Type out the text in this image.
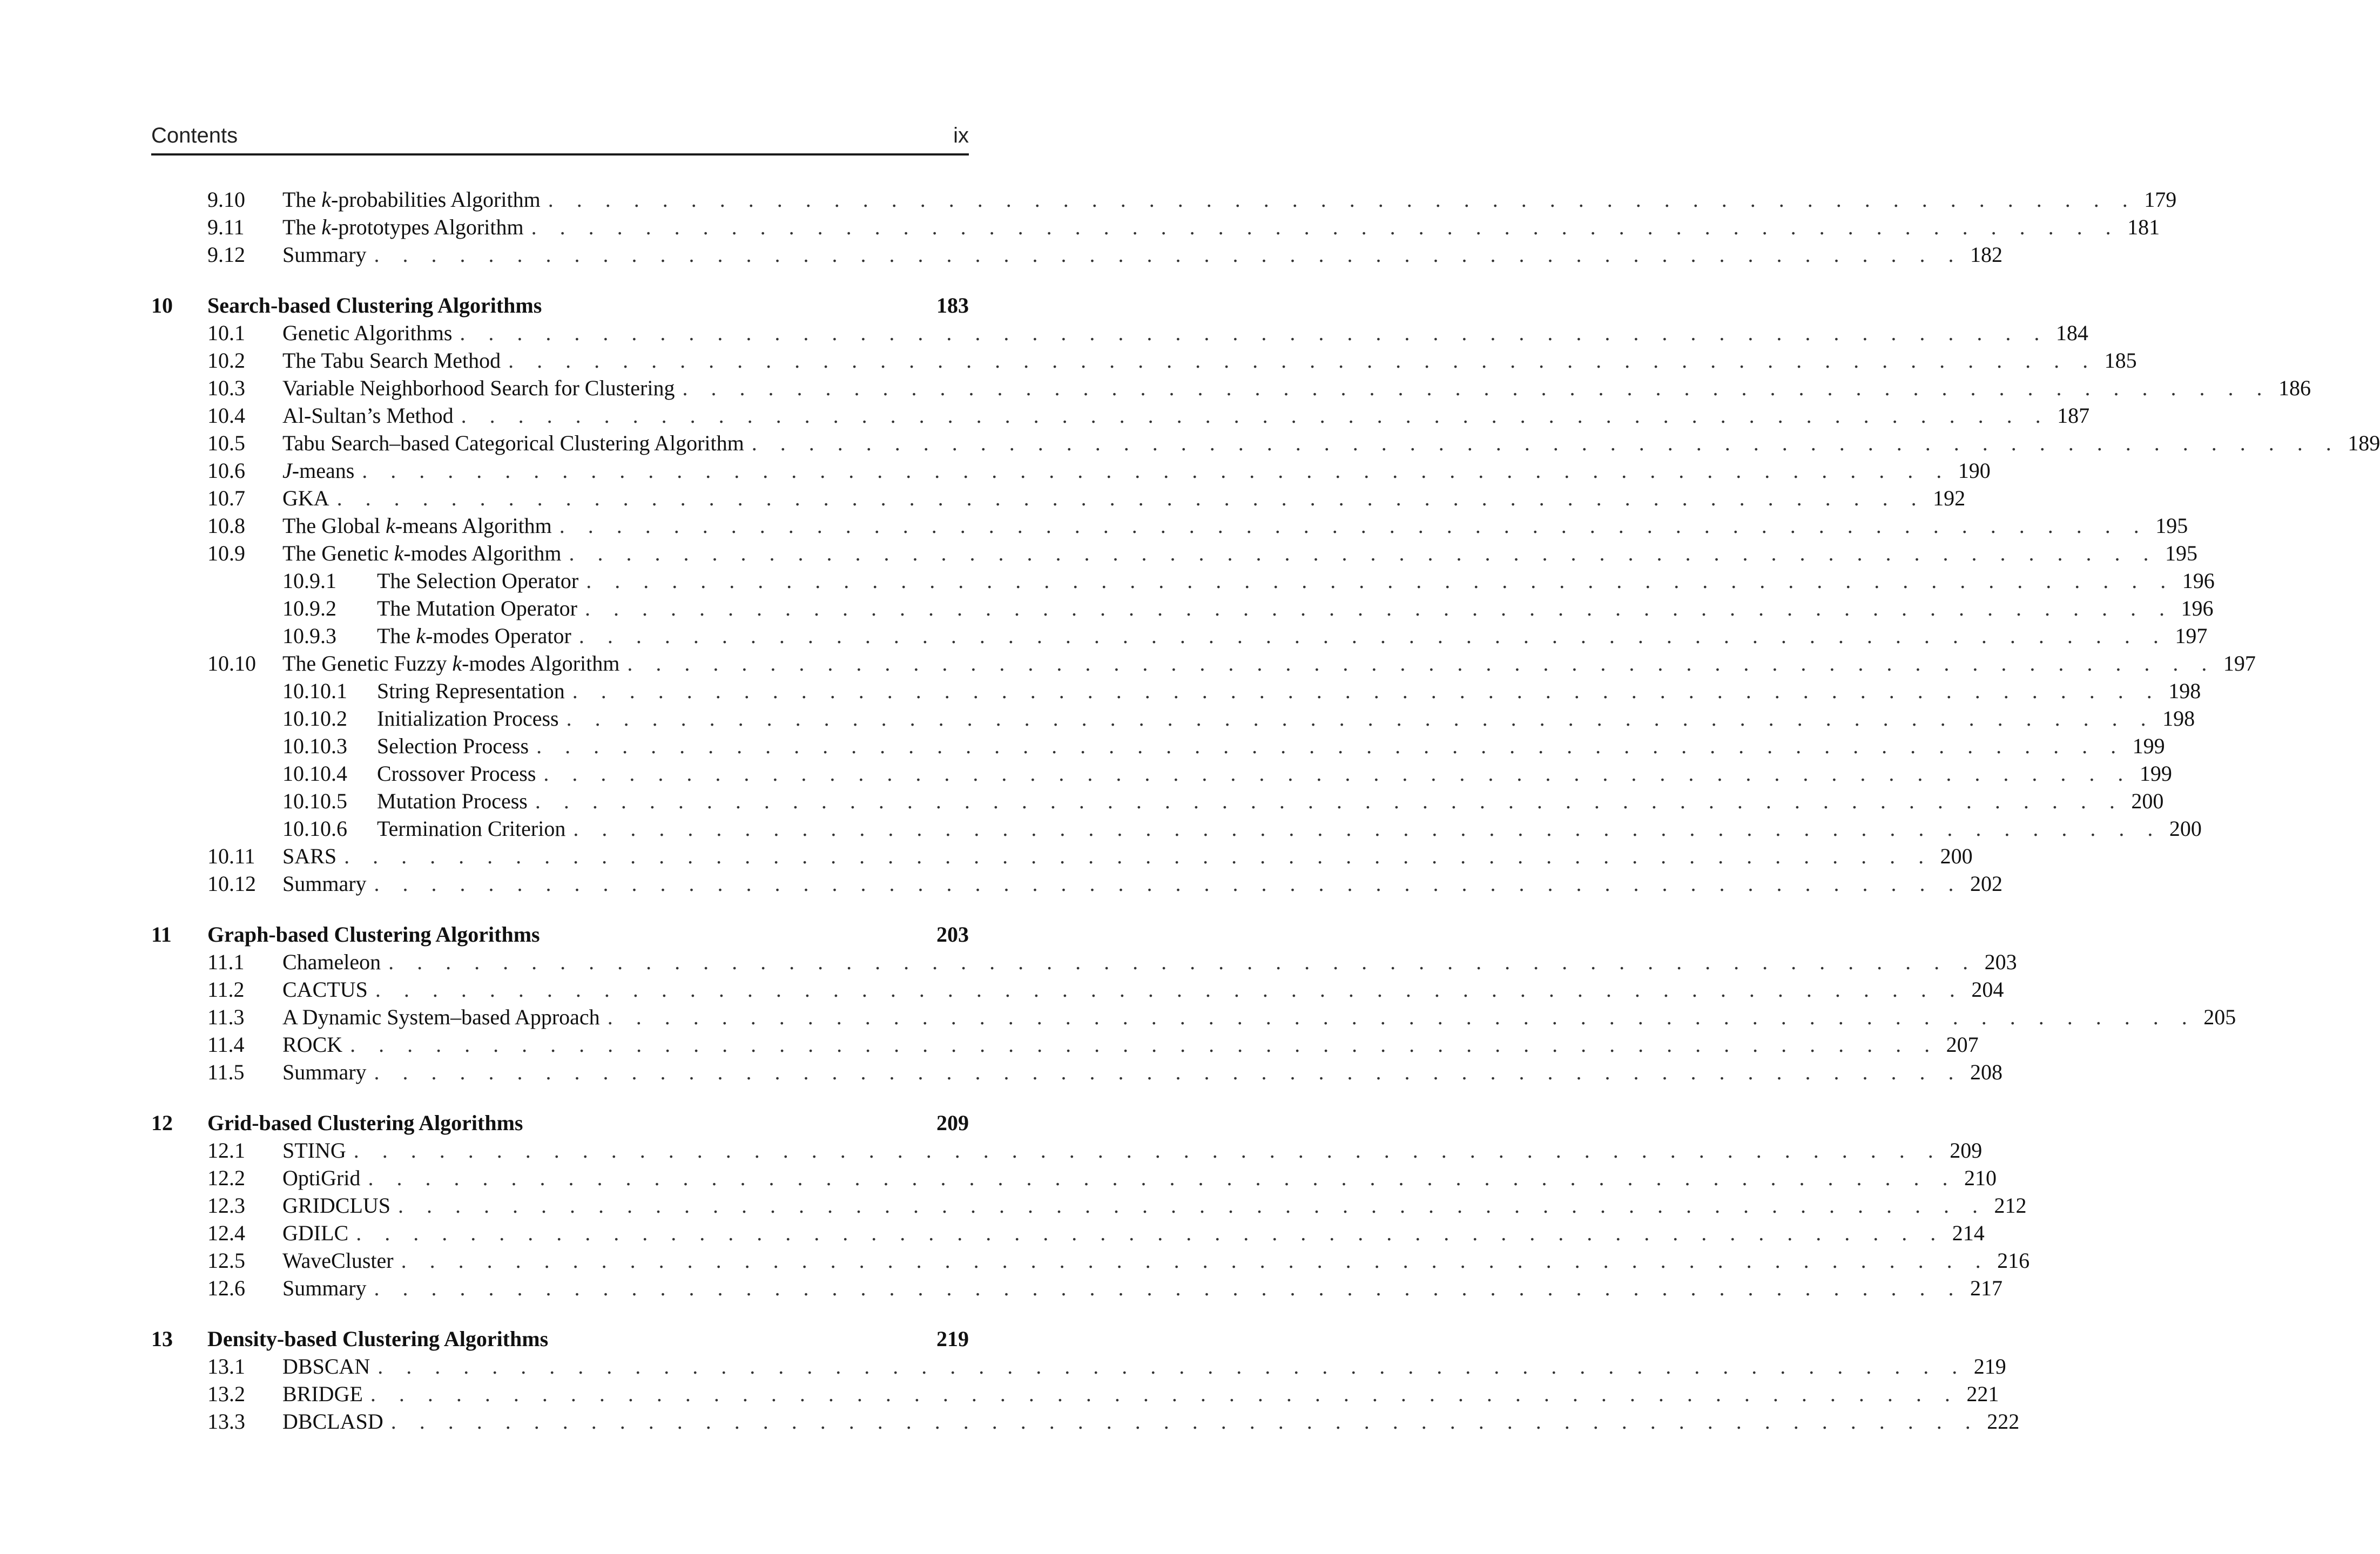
Contents	ix
9.10 The k-probabilities Algorithm . . . . . . . . . . . . . . . . . . . . . . . . . . . . . . . . . . . . . . . . . . . . . . . . . . . . . . . . 179
9.11 The k-prototypes Algorithm . . . . . . . . . . . . . . . . . . . . . . . . . . . . . . . . . . . . . . . . . . . . . . . . . . . . . . . . 181
9.12 Summary . . . . . . . . . . . . . . . . . . . . . . . . . . . . . . . . . . . . . . . . . . . . . . . . . . . . . . . . 182
10 Search-based Clustering Algorithms	183
10.1 Genetic Algorithms . . . . . . . . . . . . . . . . . . . . . . . . . . . . . . . . . . . . . . . . . . . . . . . . . . . . . . . . 184
10.2 The Tabu Search Method . . . . . . . . . . . . . . . . . . . . . . . . . . . . . . . . . . . . . . . . . . . . . . . . . . . . . . . . 185
10.3 Variable Neighborhood Search for Clustering . . . . . . . . . . . . . . . . . . . . . . . . . . . . . . . . . . . . . . . . . . . . . . . . . . . . . . . . 186
10.4 Al-Sultan’s Method . . . . . . . . . . . . . . . . . . . . . . . . . . . . . . . . . . . . . . . . . . . . . . . . . . . . . . . . 187
10.5 Tabu Search–based Categorical Clustering Algorithm . . . . . . . . . . . . . . . . . . . . . . . . . . . . . . . . . . . . . . . . . . . . . . . . . . . . . . . . 189
10.6 J-means . . . . . . . . . . . . . . . . . . . . . . . . . . . . . . . . . . . . . . . . . . . . . . . . . . . . . . . . 190
10.7 GKA . . . . . . . . . . . . . . . . . . . . . . . . . . . . . . . . . . . . . . . . . . . . . . . . . . . . . . . . 192
10.8 The Global k-means Algorithm . . . . . . . . . . . . . . . . . . . . . . . . . . . . . . . . . . . . . . . . . . . . . . . . . . . . . . . . 195
10.9 The Genetic k-modes Algorithm . . . . . . . . . . . . . . . . . . . . . . . . . . . . . . . . . . . . . . . . . . . . . . . . . . . . . . . . 195
10.9.1 The Selection Operator . . . . . . . . . . . . . . . . . . . . . . . . . . . . . . . . . . . . . . . . . . . . . . . . . . . . . . . . 196
10.9.2 The Mutation Operator . . . . . . . . . . . . . . . . . . . . . . . . . . . . . . . . . . . . . . . . . . . . . . . . . . . . . . . . 196
10.9.3 The k-modes Operator . . . . . . . . . . . . . . . . . . . . . . . . . . . . . . . . . . . . . . . . . . . . . . . . . . . . . . . . 197
10.10 The Genetic Fuzzy k-modes Algorithm . . . . . . . . . . . . . . . . . . . . . . . . . . . . . . . . . . . . . . . . . . . . . . . . . . . . . . . . 197
10.10.1 String Representation . . . . . . . . . . . . . . . . . . . . . . . . . . . . . . . . . . . . . . . . . . . . . . . . . . . . . . . . 198
10.10.2 Initialization Process . . . . . . . . . . . . . . . . . . . . . . . . . . . . . . . . . . . . . . . . . . . . . . . . . . . . . . . . 198
10.10.3 Selection Process . . . . . . . . . . . . . . . . . . . . . . . . . . . . . . . . . . . . . . . . . . . . . . . . . . . . . . . . 199
10.10.4 Crossover Process . . . . . . . . . . . . . . . . . . . . . . . . . . . . . . . . . . . . . . . . . . . . . . . . . . . . . . . . 199
10.10.5 Mutation Process . . . . . . . . . . . . . . . . . . . . . . . . . . . . . . . . . . . . . . . . . . . . . . . . . . . . . . . . 200
10.10.6 Termination Criterion . . . . . . . . . . . . . . . . . . . . . . . . . . . . . . . . . . . . . . . . . . . . . . . . . . . . . . . . 200
10.11 SARS . . . . . . . . . . . . . . . . . . . . . . . . . . . . . . . . . . . . . . . . . . . . . . . . . . . . . . . . 200
10.12 Summary . . . . . . . . . . . . . . . . . . . . . . . . . . . . . . . . . . . . . . . . . . . . . . . . . . . . . . . . 202
11 Graph-based Clustering Algorithms	203
11.1 Chameleon . . . . . . . . . . . . . . . . . . . . . . . . . . . . . . . . . . . . . . . . . . . . . . . . . . . . . . . . 203
11.2 CACTUS . . . . . . . . . . . . . . . . . . . . . . . . . . . . . . . . . . . . . . . . . . . . . . . . . . . . . . . . 204
11.3 A Dynamic System–based Approach . . . . . . . . . . . . . . . . . . . . . . . . . . . . . . . . . . . . . . . . . . . . . . . . . . . . . . . . 205
11.4 ROCK . . . . . . . . . . . . . . . . . . . . . . . . . . . . . . . . . . . . . . . . . . . . . . . . . . . . . . . . 207
11.5 Summary . . . . . . . . . . . . . . . . . . . . . . . . . . . . . . . . . . . . . . . . . . . . . . . . . . . . . . . . 208
12 Grid-based Clustering Algorithms	209
12.1 STING . . . . . . . . . . . . . . . . . . . . . . . . . . . . . . . . . . . . . . . . . . . . . . . . . . . . . . . . 209
12.2 OptiGrid . . . . . . . . . . . . . . . . . . . . . . . . . . . . . . . . . . . . . . . . . . . . . . . . . . . . . . . . 210
12.3 GRIDCLUS . . . . . . . . . . . . . . . . . . . . . . . . . . . . . . . . . . . . . . . . . . . . . . . . . . . . . . . . 212
12.4 GDILC . . . . . . . . . . . . . . . . . . . . . . . . . . . . . . . . . . . . . . . . . . . . . . . . . . . . . . . . 214
12.5 WaveCluster . . . . . . . . . . . . . . . . . . . . . . . . . . . . . . . . . . . . . . . . . . . . . . . . . . . . . . . . 216
12.6 Summary . . . . . . . . . . . . . . . . . . . . . . . . . . . . . . . . . . . . . . . . . . . . . . . . . . . . . . . . 217
13 Density-based Clustering Algorithms	219
13.1 DBSCAN . . . . . . . . . . . . . . . . . . . . . . . . . . . . . . . . . . . . . . . . . . . . . . . . . . . . . . . . 219
13.2 BRIDGE . . . . . . . . . . . . . . . . . . . . . . . . . . . . . . . . . . . . . . . . . . . . . . . . . . . . . . . . 221
13.3 DBCLASD . . . . . . . . . . . . . . . . . . . . . . . . . . . . . . . . . . . . . . . . . . . . . . . . . . . . . . . . 222
